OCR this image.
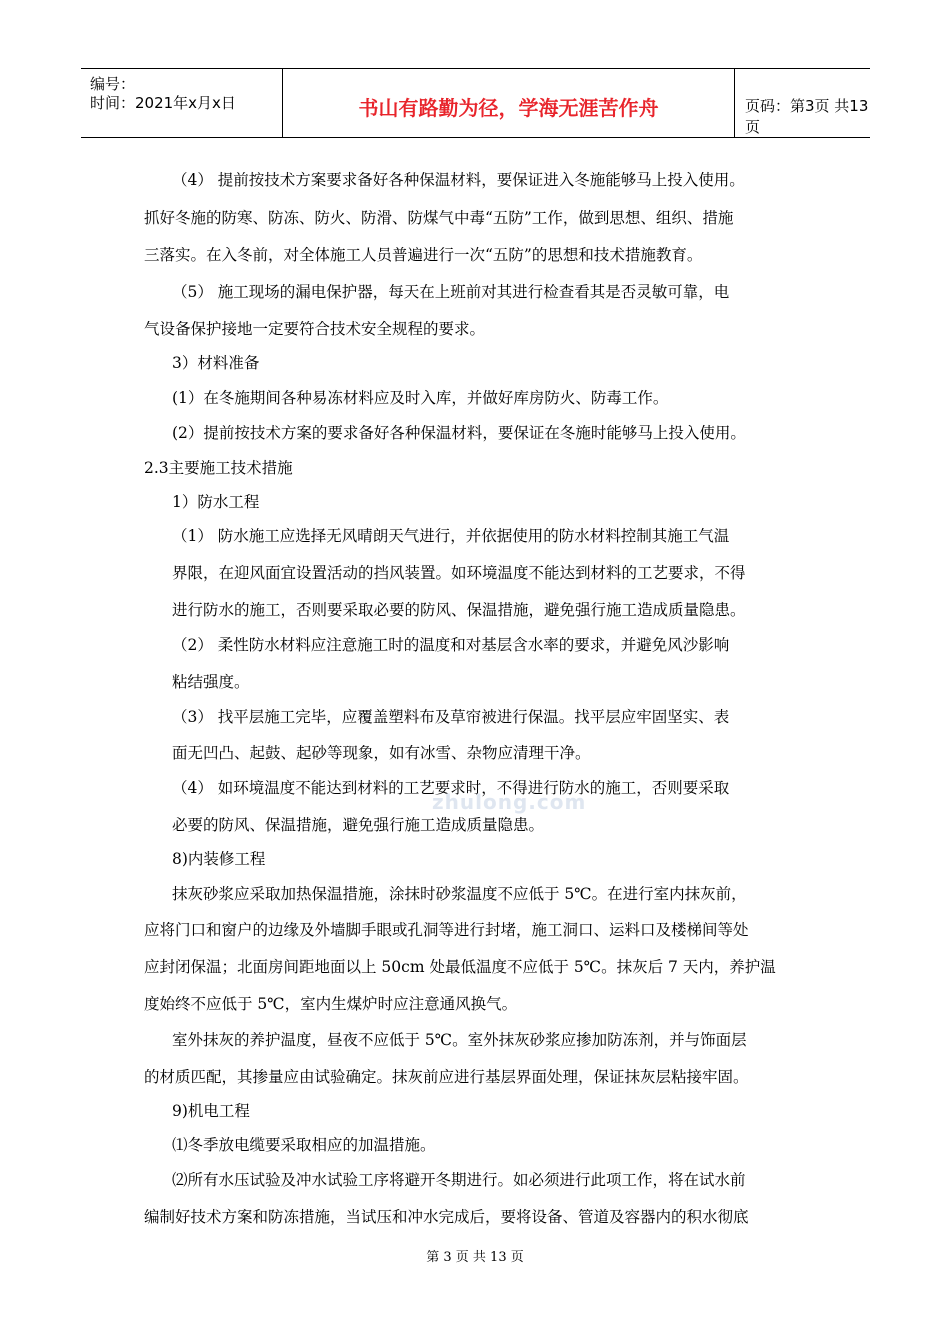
编号：
时间：2021年x月x日	书山有路勤为径，学海无涯苦作舟	页码：第3页 共13页
（4） 提前按技术方案要求备好各种保温材料，要保证进入冬施能够马上投入使用。
抓好冬施的防寒、防冻、防火、防滑、防煤气中毒“五防”工作，做到思想、组织、措施
三落实。在入冬前，对全体施工人员普遍进行一次“五防”的思想和技术措施教育。
（5） 施工现场的漏电保护器，每天在上班前对其进行检查看其是否灵敏可靠，电
气设备保护接地一定要符合技术安全规程的要求。
3）材料准备
(1）在冬施期间各种易冻材料应及时入库，并做好库房防火、防毒工作。
(2）提前按技术方案的要求备好各种保温材料，要保证在冬施时能够马上投入使用。
2.3主要施工技术措施
1）防水工程
（1） 防水施工应选择无风晴朗天气进行，并依据使用的防水材料控制其施工气温
界限，在迎风面宜设置活动的挡风装置。如环境温度不能达到材料的工艺要求，不得
进行防水的施工，否则要采取必要的防风、保温措施，避免强行施工造成质量隐患。
（2） 柔性防水材料应注意施工时的温度和对基层含水率的要求，并避免风沙影响
粘结强度。
（3） 找平层施工完毕，应覆盖塑料布及草帘被进行保温。找平层应牢固坚实、表
面无凹凸、起鼓、起砂等现象，如有冰雪、杂物应清理干净。
（4） 如环境温度不能达到材料的工艺要求时，不得进行防水的施工，否则要采取
必要的防风、保温措施，避免强行施工造成质量隐患。
8)内装修工程
抹灰砂浆应采取加热保温措施，涂抹时砂浆温度不应低于 5℃。在进行室内抹灰前，
应将门口和窗户的边缘及外墙脚手眼或孔洞等进行封堵，施工洞口、运料口及楼梯间等处
应封闭保温；北面房间距地面以上 50cm 处最低温度不应低于 5℃。抹灰后 7 天内，养护温
度始终不应低于 5℃，室内生煤炉时应注意通风换气。
室外抹灰的养护温度，昼夜不应低于 5℃。室外抹灰砂浆应掺加防冻剂，并与饰面层
的材质匹配，其掺量应由试验确定。抹灰前应进行基层界面处理，保证抹灰层粘接牢固。
9)机电工程
⑴冬季放电缆要采取相应的加温措施。
⑵所有水压试验及冲水试验工序将避开冬期进行。如必须进行此项工作，将在试水前
编制好技术方案和防冻措施，当试压和冲水完成后，要将设备、管道及容器内的积水彻底
zhulong.com
第 3 页 共 13 页
